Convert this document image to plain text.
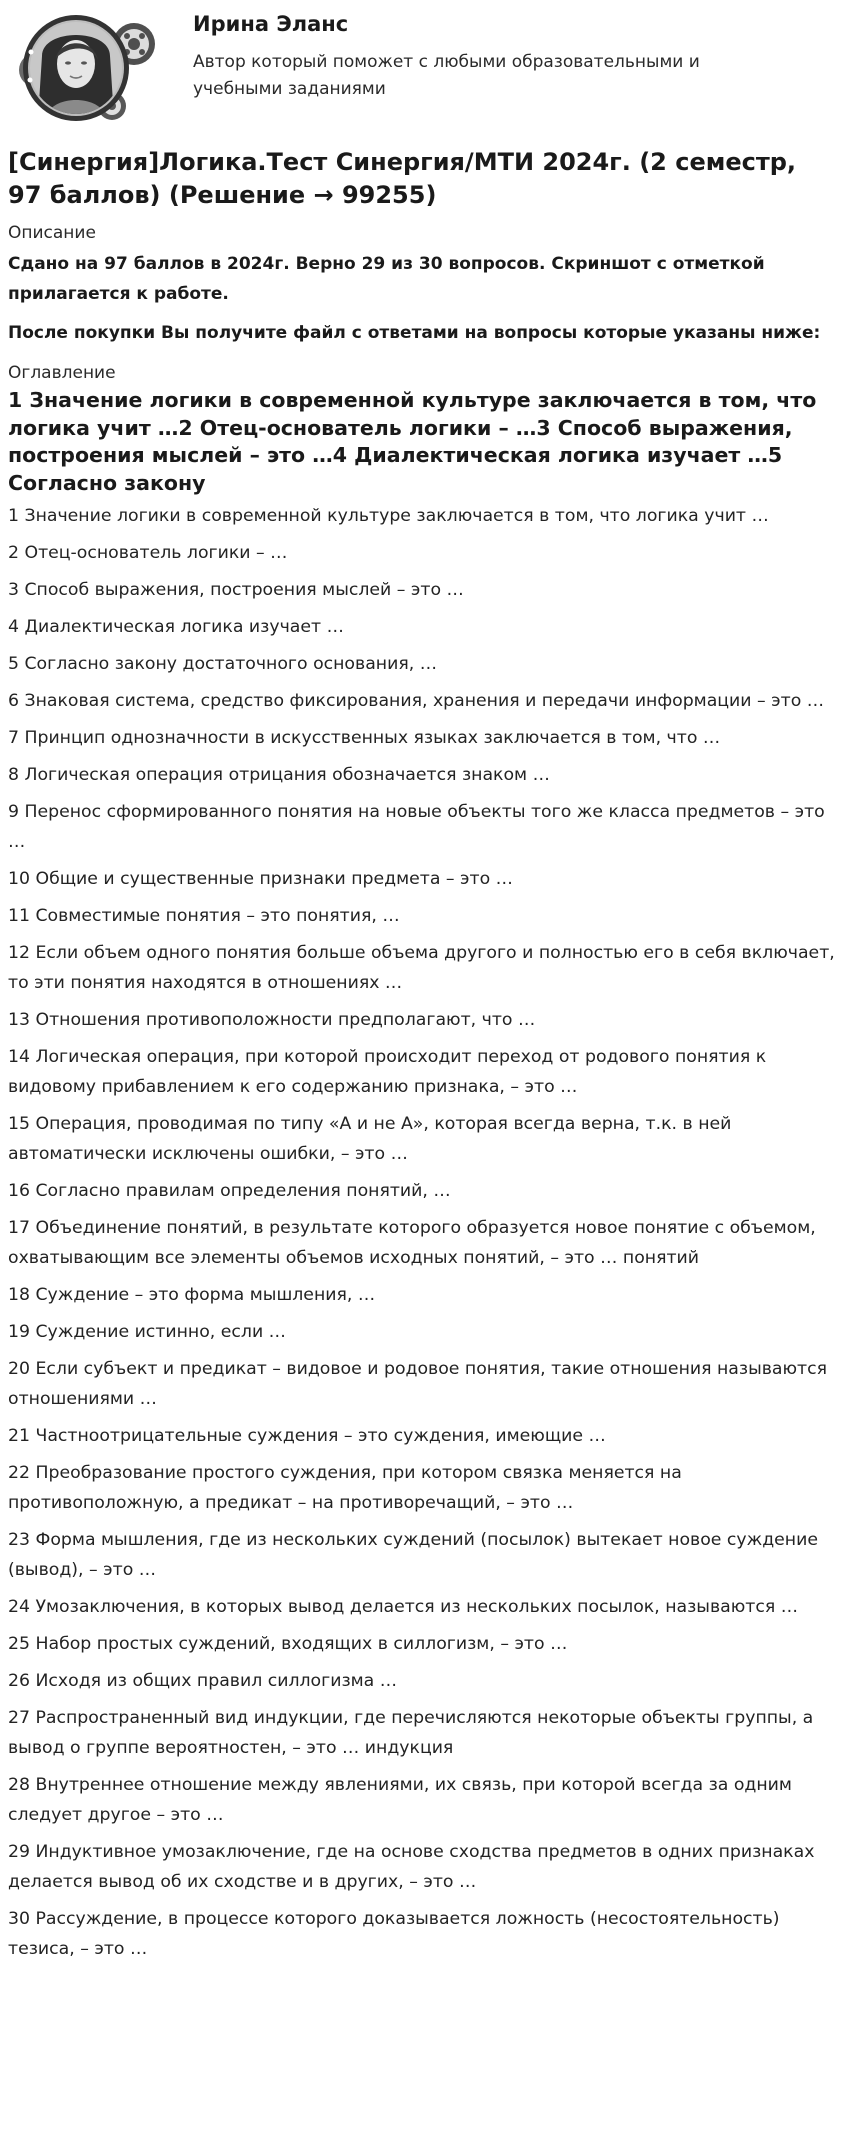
Ирина Эланс
Автор который поможет с любыми образовательными и учебными заданиями
[Синергия]Логика.Тест Синергия/МТИ 2024г. (2 семестр, 97 баллов) (Решение → 99255)
Описание

Сдано на 97 баллов в 2024г. Верно 29 из 30 вопросов. Скриншот с отметкой прилагается к работе.

После покупки Вы получите файл с ответами на вопросы которые указаны ниже:

Оглавление
1 Значение логики в современной культуре заключается в том, что логика учит …2 Отец-основатель логики – …3 Способ выражения, построения мыслей – это …4 Диалектическая логика изучает …5 Согласно закону
1 Значение логики в современной культуре заключается в том, что логика учит …
2 Отец-основатель логики – …
3 Способ выражения, построения мыслей – это …
4 Диалектическая логика изучает …
5 Согласно закону достаточного основания, …
6 Знаковая система, средство фиксирования, хранения и передачи информации – это …
7 Принцип однозначности в искусственных языках заключается в том, что …
8 Логическая операция отрицания обозначается знаком …
9 Перенос сформированного понятия на новые объекты того же класса предметов – это …
10 Общие и существенные признаки предмета – это …
11 Совместимые понятия – это понятия, …
12 Если объем одного понятия больше объема другого и полностью его в себя включает, то эти понятия находятся в отношениях …
13 Отношения противоположности предполагают, что …
14 Логическая операция, при которой происходит переход от родового понятия к видовому прибавлением к его содержанию признака, – это …
15 Операция, проводимая по типу «А и не А», которая всегда верна, т.к. в ней автоматически исключены ошибки, – это …
16 Согласно правилам определения понятий, …
17 Объединение понятий, в результате которого образуется новое понятие с объемом, охватывающим все элементы объемов исходных понятий, – это … понятий
18 Суждение – это форма мышления, …
19 Суждение истинно, если …
20 Если субъект и предикат – видовое и родовое понятия, такие отношения называются отношениями …
21 Частноотрицательные суждения – это суждения, имеющие …
22 Преобразование простого суждения, при котором связка меняется на противоположную, а предикат – на противоречащий, – это …
23 Форма мышления, где из нескольких суждений (посылок) вытекает новое суждение (вывод), – это …
24 Умозаключения, в которых вывод делается из нескольких посылок, называются …
25 Набор простых суждений, входящих в силлогизм, – это …
26 Исходя из общих правил силлогизма …
27 Распространенный вид индукции, где перечисляются некоторые объекты группы, а вывод о группе вероятностен, – это … индукция
28 Внутреннее отношение между явлениями, их связь, при которой всегда за одним следует другое – это …
29 Индуктивное умозаключение, где на основе сходства предметов в одних признаках делается вывод об их сходстве и в других, – это …
30 Рассуждение, в процессе которого доказывается ложность (несостоятельность) тезиса, – это …
